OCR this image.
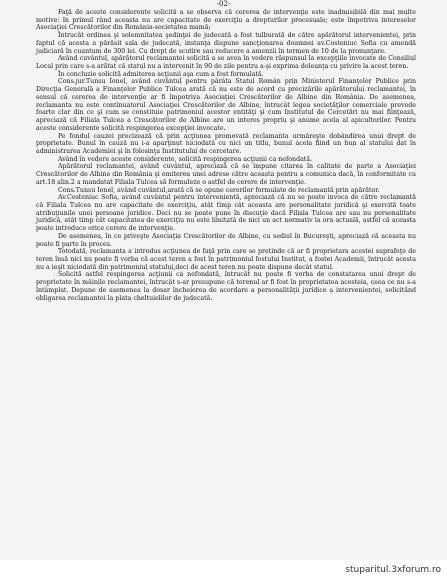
-02-

Faţă de aceste considerente solicită a se observa că cererea de intervenţie este inadmisibilă din mai multe motive: în primul rând aceasta nu are capacitate de exerciţiu a drepturilor procesuale; este împotriva intereselor Asociaţiei Crescătorilor din România-societatea mamă;

Întrucât ordinea şi solemnitatea şedinţei de judecată a fost tulburată de către apărătorul intervenientei, prin faptul că acesta a părăsit sala de judecată, instanţa dispune sancţionarea doamnei av.Costeniuc Sofia cu amendă judiciară în cuantum de 300 lei. Cu drept de scutire sau reducere a amenzii în termen de 10 de la pronunţare.

Având cuvântul, apărătorul reclamantei solicită a se avea în vedere răspunsul la excepţiile invocate de Consiliul Local prin care s-a arătat că statul nu a intervenit în 90 de zile pentru a-şi exprima doleanţa cu privire la acest teren.

În concluzie solicită admiterea acţiunii aşa cum a fost formulată.

Cons.jur.Tunsu Ionel, având cuvântul pentru pârâta Statul Român prin Ministerul Finanţelor Publice prin Direcţia Generală a Finanţelor Publice Tulcea arată că nu este de acord cu precizările apărătorului reclamantei, în sensul că cererea de intervenţie ar fi împotriva Asociaţiei Crescătorilor de Albine din România. De asemenea, reclamanta nu este continuatorul Asociaţiei Crescătorilor de Albine, întrucât legea societăţilor comerciale prevede foarte clar din ce şi cum se constituie patrimoniul acestor entităţi şi cum Institutul de Cercetări nu mai fiinţează, apreciază că Filiala Tulcea a Crescătorilor de Albine are un interes propriu şi anume acela al apicultorilor. Pentru aceste considerente solicită respingerea excepţiei invocate.

Pe fondul cauzei precizează că prin acţiunea promovată reclamanta urmăreşte dobândirea unui drept de proprietate. Bunul în cauză nu i-a aparţinut niciodată cu nici un titlu, bunul acela fiind un bun al statului dat în administrarea Academiei şi în folosinţa Institutului de cercetare.

Având în vedere aceste considerente, solicită respingerea acţiunii ca nefondată.

Apărătorul reclamantei, având cuvântul, apreciază că se impune citarea în calitate de parte a Asociaţiei Crescătorilor de Albine din România şi emiterea unei adrese către aceasta pentru a comunica dacă, în conformitate cu art.18 alin.2 a mandatat Filiala Tulcea să formuleze o astfel de cerere de intervenţie.

Cons.Tunsu Ionel, având cuvântul,arată că se opune cererilor formulate de reclamantă prin apărător.

Av.Costeniuc Sofia, având cuvântul pentru intervenientă, apreciază că nu se poate invoca de către reclamantă că Filiala Tulcea nu are capacitate de exerciţiu, atât timp cât aceasta are personalitate juridică şi exercită toate atribuţiunile unei persoane juridice. Deci nu se poate pune în discuţie dacă Filiala Tulcea are sau nu personalitate juridică, atât timp cât capacitatea de exerciţiu nu este limitată de nici un act normativ la ora actuală, astfel că aceasta poate introduce orice cerere de intervenţie.

De asemenea, în ce priveşte Asociaţia Crescătorilor de Albine, cu sediul în Bucureşti, apreciază că aceasta nu poate fi parte în proces.

Totodată, reclamanta a introdus acţiunea de faţă prin care se pretinde că ar fi proprietara acestei suprafeţe de teren însă nici nu poate fi vorba că acest teren a fost în patrimoniul fostului Institut, a fostei Academii, întrucât acesta nu a ieşit niciodată din patrimoniul statului,deci de acest teren nu poate dispune decât statul.

Solicită astfel respingerea acţiunii ca nefondată, întrucât nu poate fi vorba de constatarea unui drept de proprietate în mâinile reclamantei, întrucât s-ar presupune că terenul ar fi fost în proprietatea acesteia, ceea ce nu s-a întâmplat. Depune de asemenea la dosar încheierea de acordare a personalităţii juridice a intervenientei, solicitând obligarea reclamantei la plata cheltuielilor de judecată.

stuparitul.3xforum.ro
